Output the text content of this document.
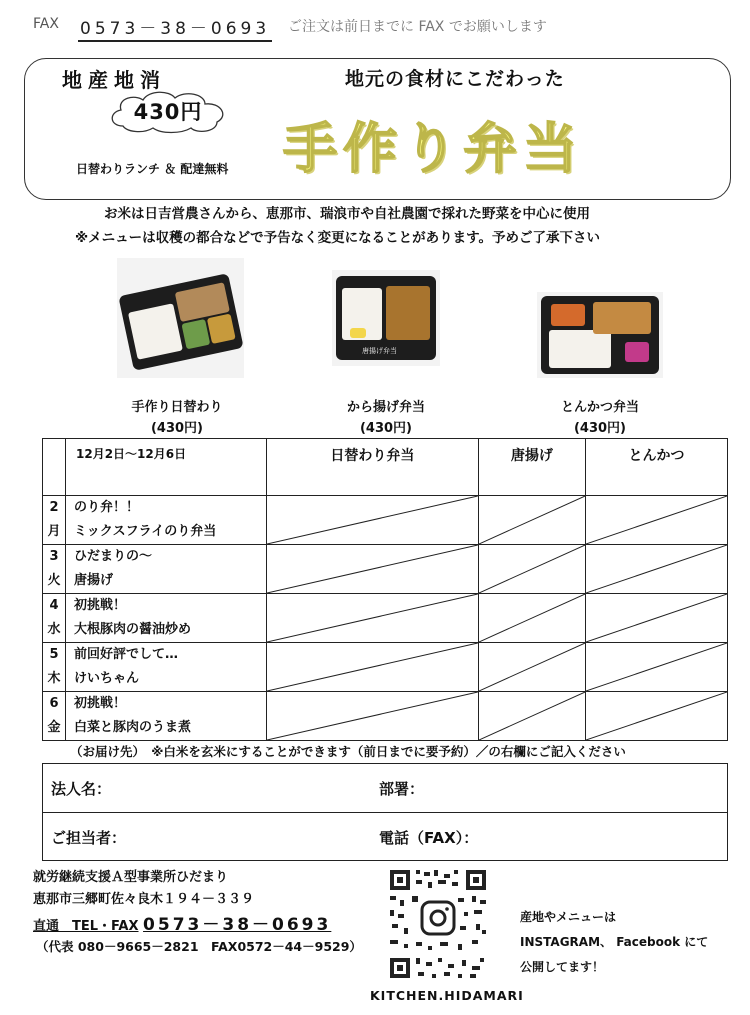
FAX 0573－38－0693 ご注文は前日までに FAX でお願いします
地産地消
430円
日替わりランチ ＆ 配達無料
地元の食材にこだわった
手作り弁当
お米は日吉営農さんから、恵那市、瑞浪市や自社農園で採れた野菜を中心に使用
※メニューは収穫の都合などで予告なく変更になることがあります。予めご了承下さい
唐揚げ弁当
手作り日替わり
(430円)
から揚げ弁当
(430円)
とんかつ弁当
(430円)
	12月2日〜12月6日	日替わり弁当	唐揚げ	とんかつ
2
月	のり弁！！
ミックスフライのり弁当	

3
火	ひだまりの〜
唐揚げ	

4
水	初挑戦！
大根豚肉の醤油炒め	

5
木	前回好評でして…
けいちゃん	

6
金	初挑戦！
白菜と豚肉のうま煮	

（お届け先）　※白米を玄米にすることができます（前日までに要予約）／の右欄にご記入ください
法人名：	部署：
ご担当者：	電話（FAX）：
就労継続支援Ａ型事業所ひだまり
恵那市三郷町佐々良木１９４－３３９
直通　TEL・FAX 0573－38－0693
（代表 080－9665－2821　FAX0572－44－9529）
KITCHEN.HIDAMARI
産地やメニューは
INSTAGRAM、 Facebook にて
公開してます！
